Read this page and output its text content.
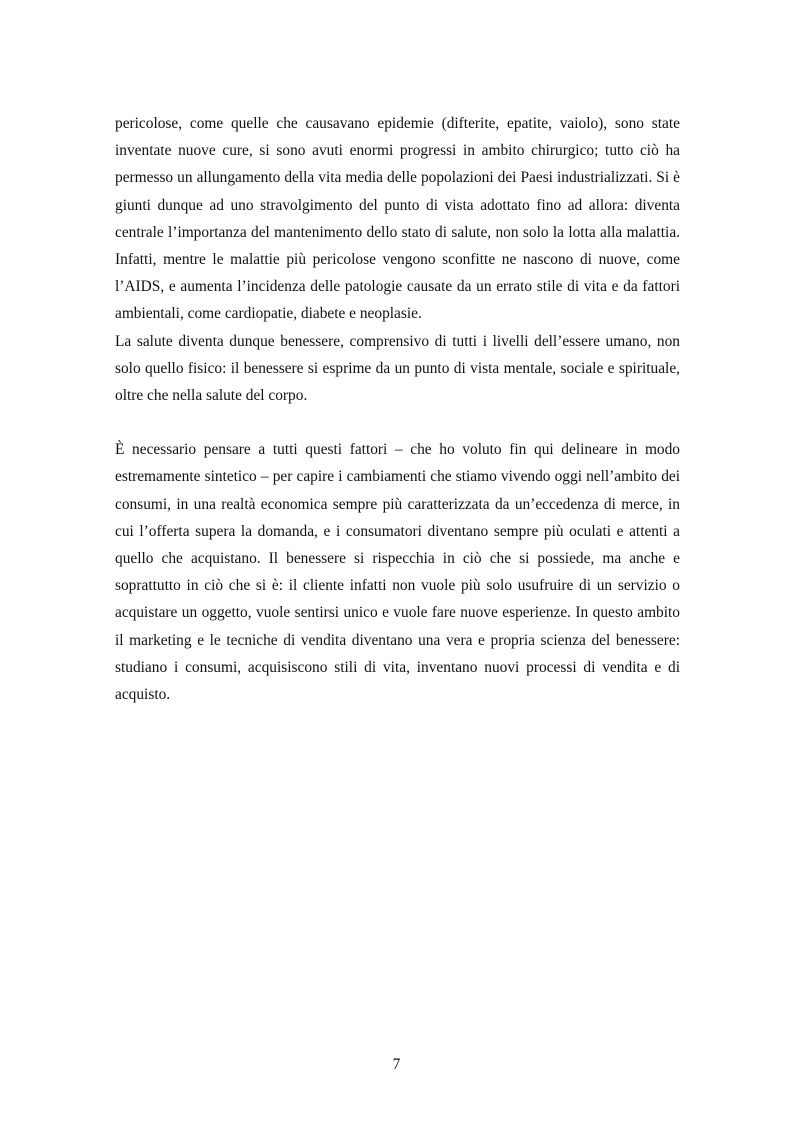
pericolose, come quelle che causavano epidemie (difterite, epatite, vaiolo), sono state inventate nuove cure, si sono avuti enormi progressi in ambito chirurgico; tutto ciò ha permesso un allungamento della vita media delle popolazioni dei Paesi industrializzati. Si è giunti dunque ad uno stravolgimento del punto di vista adottato fino ad allora: diventa centrale l’importanza del mantenimento dello stato di salute, non solo la lotta alla malattia. Infatti, mentre le malattie più pericolose vengono sconfitte ne nascono di nuove, come l’AIDS, e aumenta l’incidenza delle patologie causate da un errato stile di vita e da fattori ambientali, come cardiopatie, diabete e neoplasie.

La salute diventa dunque benessere, comprensivo di tutti i livelli dell’essere umano, non solo quello fisico: il benessere si esprime da un punto di vista mentale, sociale e spirituale, oltre che nella salute del corpo.

È necessario pensare a tutti questi fattori – che ho voluto fin qui delineare in modo estremamente sintetico – per capire i cambiamenti che stiamo vivendo oggi nell’ambito dei consumi, in una realtà economica sempre più caratterizzata da un’eccedenza di merce, in cui l’offerta supera la domanda, e i consumatori diventano sempre più oculati e attenti a quello che acquistano. Il benessere si rispecchia in ciò che si possiede, ma anche e soprattutto in ciò che si è: il cliente infatti non vuole più solo usufruire di un servizio o acquistare un oggetto, vuole sentirsi unico e vuole fare nuove esperienze. In questo ambito il marketing e le tecniche di vendita diventano una vera e propria scienza del benessere: studiano i consumi, acquisiscono stili di vita, inventano nuovi processi di vendita e di acquisto.

7
